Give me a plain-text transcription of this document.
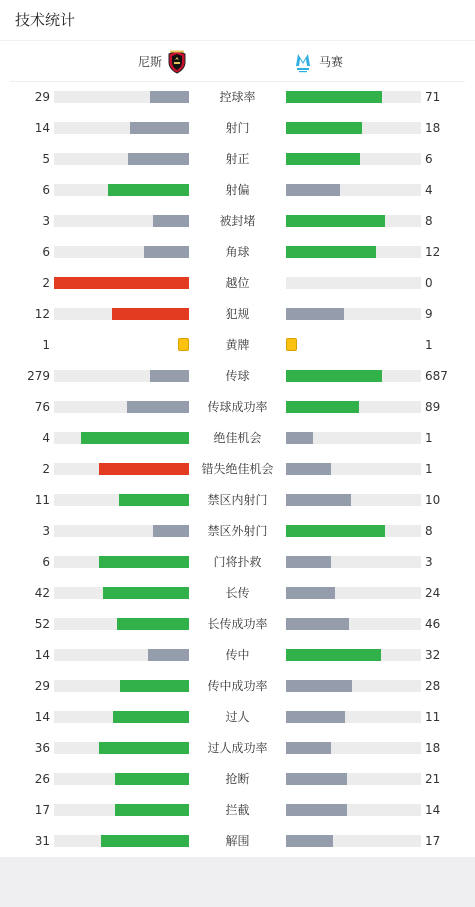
技术统计
尼斯	马赛
29	控球率	71
14	射门	18
5	射正	6
6	射偏	4
3	被封堵	8
6	角球	12
2	越位	0
12	犯规	9
1	黄牌	1
279	传球	687
76	传球成功率	89
4	绝佳机会	1
2	错失绝佳机会	1
11	禁区内射门	10
3	禁区外射门	8
6	门将扑救	3
42	长传	24
52	长传成功率	46
14	传中	32
29	传中成功率	28
14	过人	11
36	过人成功率	18
26	抢断	21
17	拦截	14
31	解围	17
